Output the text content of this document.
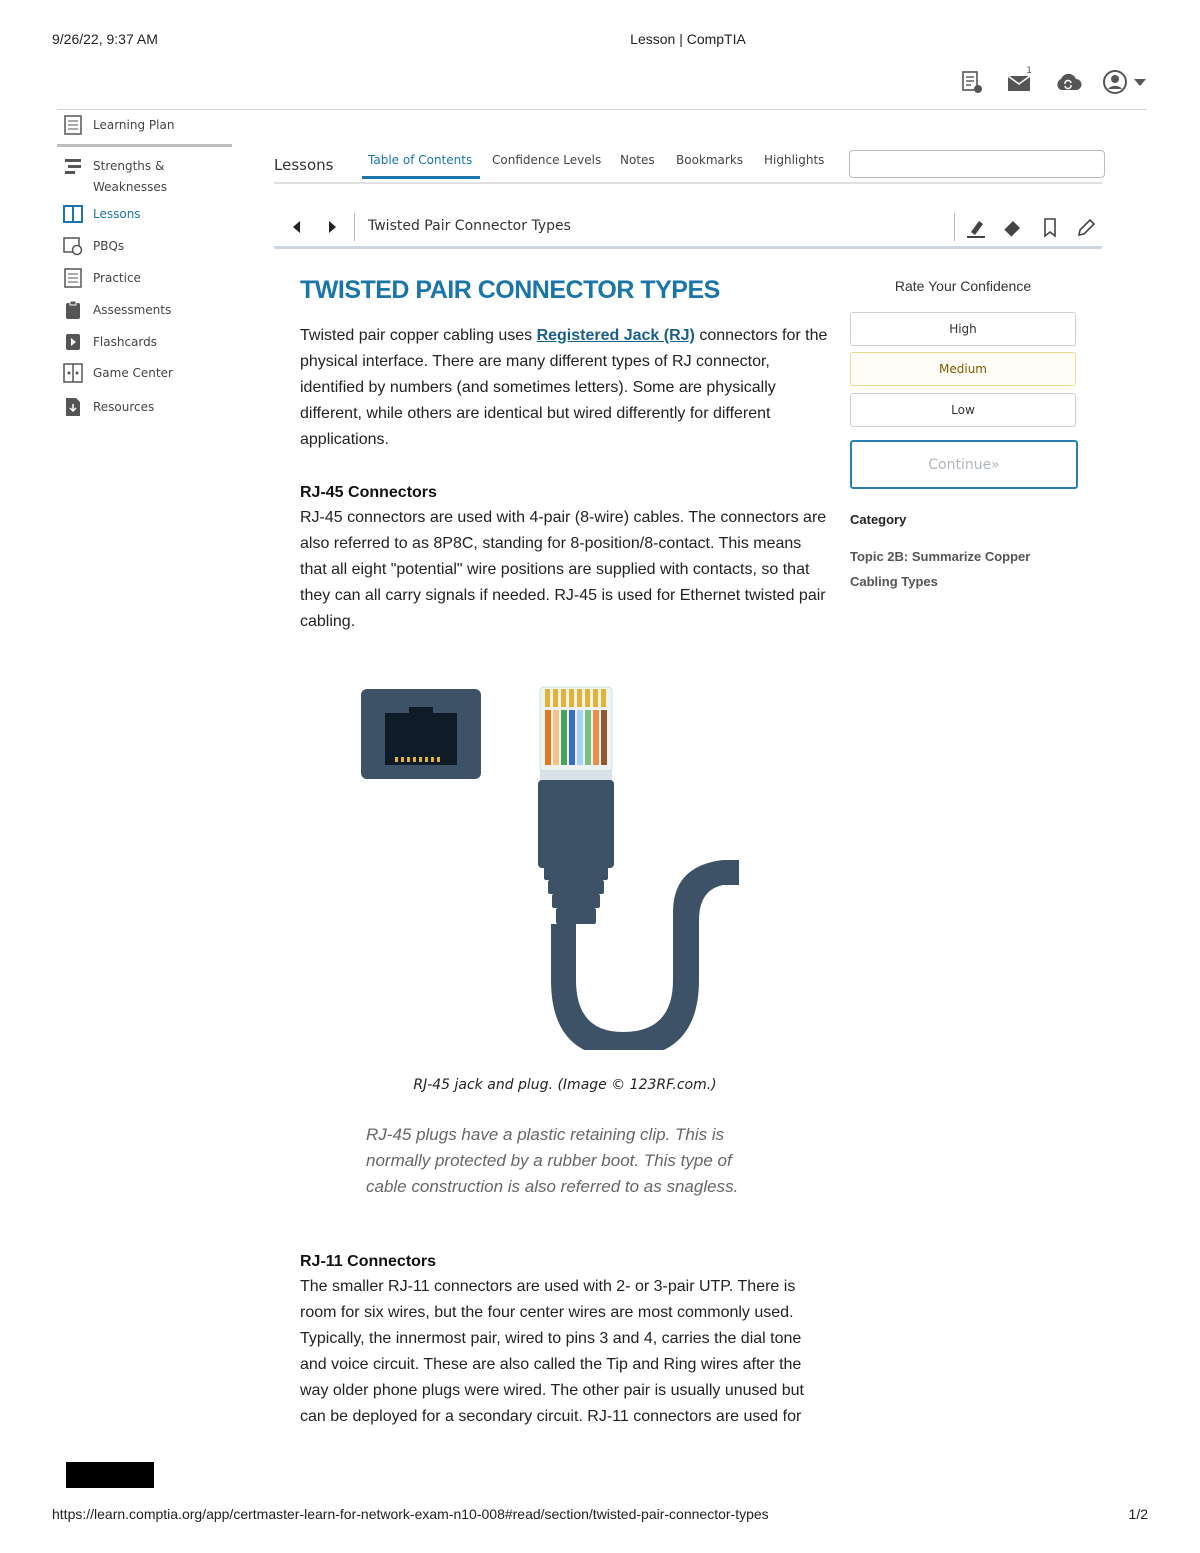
9/26/22, 9:37 AM	Lesson | CompTIA
1
Learning Plan
Strengths & Weaknesses
Lessons
PBQs
Practice
Assessments
Flashcards
Game Center
Resources
Lessons	Table of Contents	Confidence Levels Notes Bookmarks Highlights
Twisted Pair Connector Types
TWISTED PAIR CONNECTOR TYPES

Twisted pair copper cabling uses Registered Jack (RJ) connectors for the physical interface. There are many different types of RJ connector, identified by numbers (and sometimes letters). Some are physically different, while others are identical but wired differently for different applications.

RJ-45 Connectors

RJ-45 connectors are used with 4-pair (8-wire) cables. The connectors are also referred to as 8P8C, standing for 8-position/8-contact. This means that all eight "potential" wire positions are supplied with contacts, so that they can all carry signals if needed. RJ-45 is used for Ethernet twisted pair cabling.

RJ-45 jack and plug. (Image © 123RF.com.)
RJ-45 plugs have a plastic retaining clip. This is normally protected by a rubber boot. This type of cable construction is also referred to as snagless.
RJ-11 Connectors

The smaller RJ-11 connectors are used with 2- or 3-pair UTP. There is room for six wires, but the four center wires are most commonly used. Typically, the innermost pair, wired to pins 3 and 4, carries the dial tone and voice circuit. These are also called the Tip and Ring wires after the way older phone plugs were wired. The other pair is usually unused but can be deployed for a secondary circuit. RJ-11 connectors are used for

Rate Your Confidence
High
Medium
Low
Continue»
Category
Topic 2B: Summarize Copper Cabling Types
https://learn.comptia.org/app/certmaster-learn-for-network-exam-n10-008#read/section/twisted-pair-connector-types	1/2
